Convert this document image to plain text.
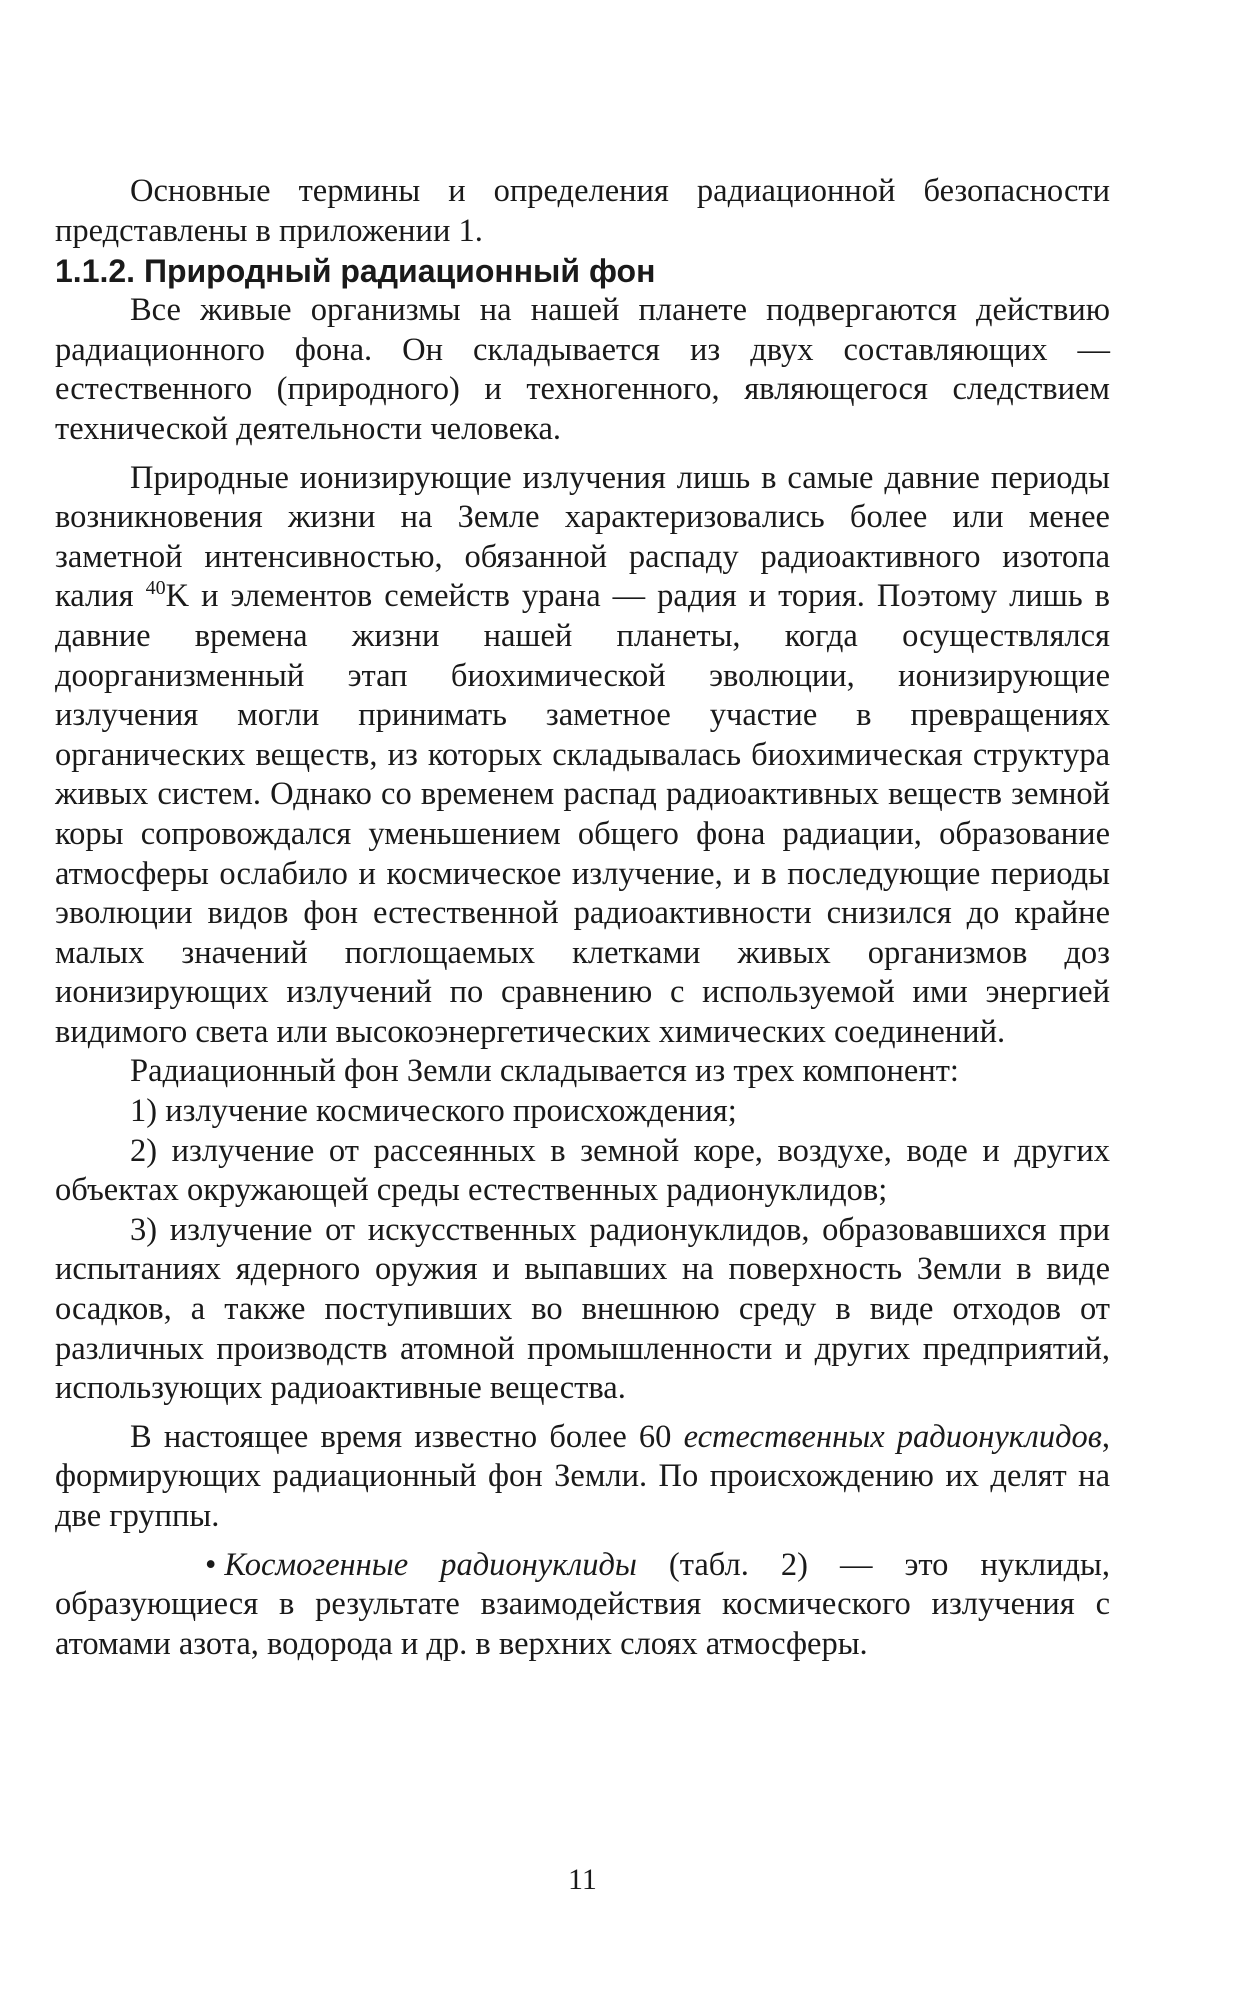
Основные термины и определения радиационной безопасности представлены в приложении 1.

1.1.2. Природный радиационный фон

Все живые организмы на нашей планете подвергаются действию радиационного фона. Он складывается из двух составляющих — естественного (природного) и техногенного, являющегося следствием технической деятельности человека.

Природные ионизирующие излучения лишь в самые давние периоды возникновения жизни на Земле характеризовались более или менее заметной интенсивностью, обязанной распаду радиоактивного изотопа калия $^{40}$K и элементов семейств урана — радия и тория. Поэтому лишь в давние времена жизни нашей планеты, когда осуществлялся доорганизменный этап биохимической эволюции, ионизирующие излучения могли принимать заметное участие в превращениях органических веществ, из которых складывалась биохимическая структура живых систем. Однако со временем распад радиоактивных веществ земной коры сопровождался уменьшением общего фона радиации, образование атмосферы ослабило и космическое излучение, и в последующие периоды эволюции видов фон естественной радиоактивности снизился до крайне малых значений поглощаемых клетками живых организмов доз ионизирующих излучений по сравнению с используемой ими энергией видимого света или высокоэнергетических химических соединений.

Радиационный фон Земли складывается из трех компонент:

1) излучение космического происхождения;

2) излучение от рассеянных в земной коре, воздухе, воде и других объектах окружающей среды естественных радионуклидов;

3) излучение от искусственных радионуклидов, образовавшихся при испытаниях ядерного оружия и выпавших на поверхность Земли в виде осадков, а также поступивших во внешнюю среду в виде отходов от различных производств атомной промышленности и других предприятий, использующих радиоактивные вещества.

В настоящее время известно более 60 естественных радионуклидов, формирующих радиационный фон Земли. По происхождению их делят на две группы.

• Космогенные радионуклиды (табл. 2) — это нуклиды, образующиеся в результате взаимодействия космического излучения с атомами азота, водорода и др. в верхних слоях атмосферы.

11
